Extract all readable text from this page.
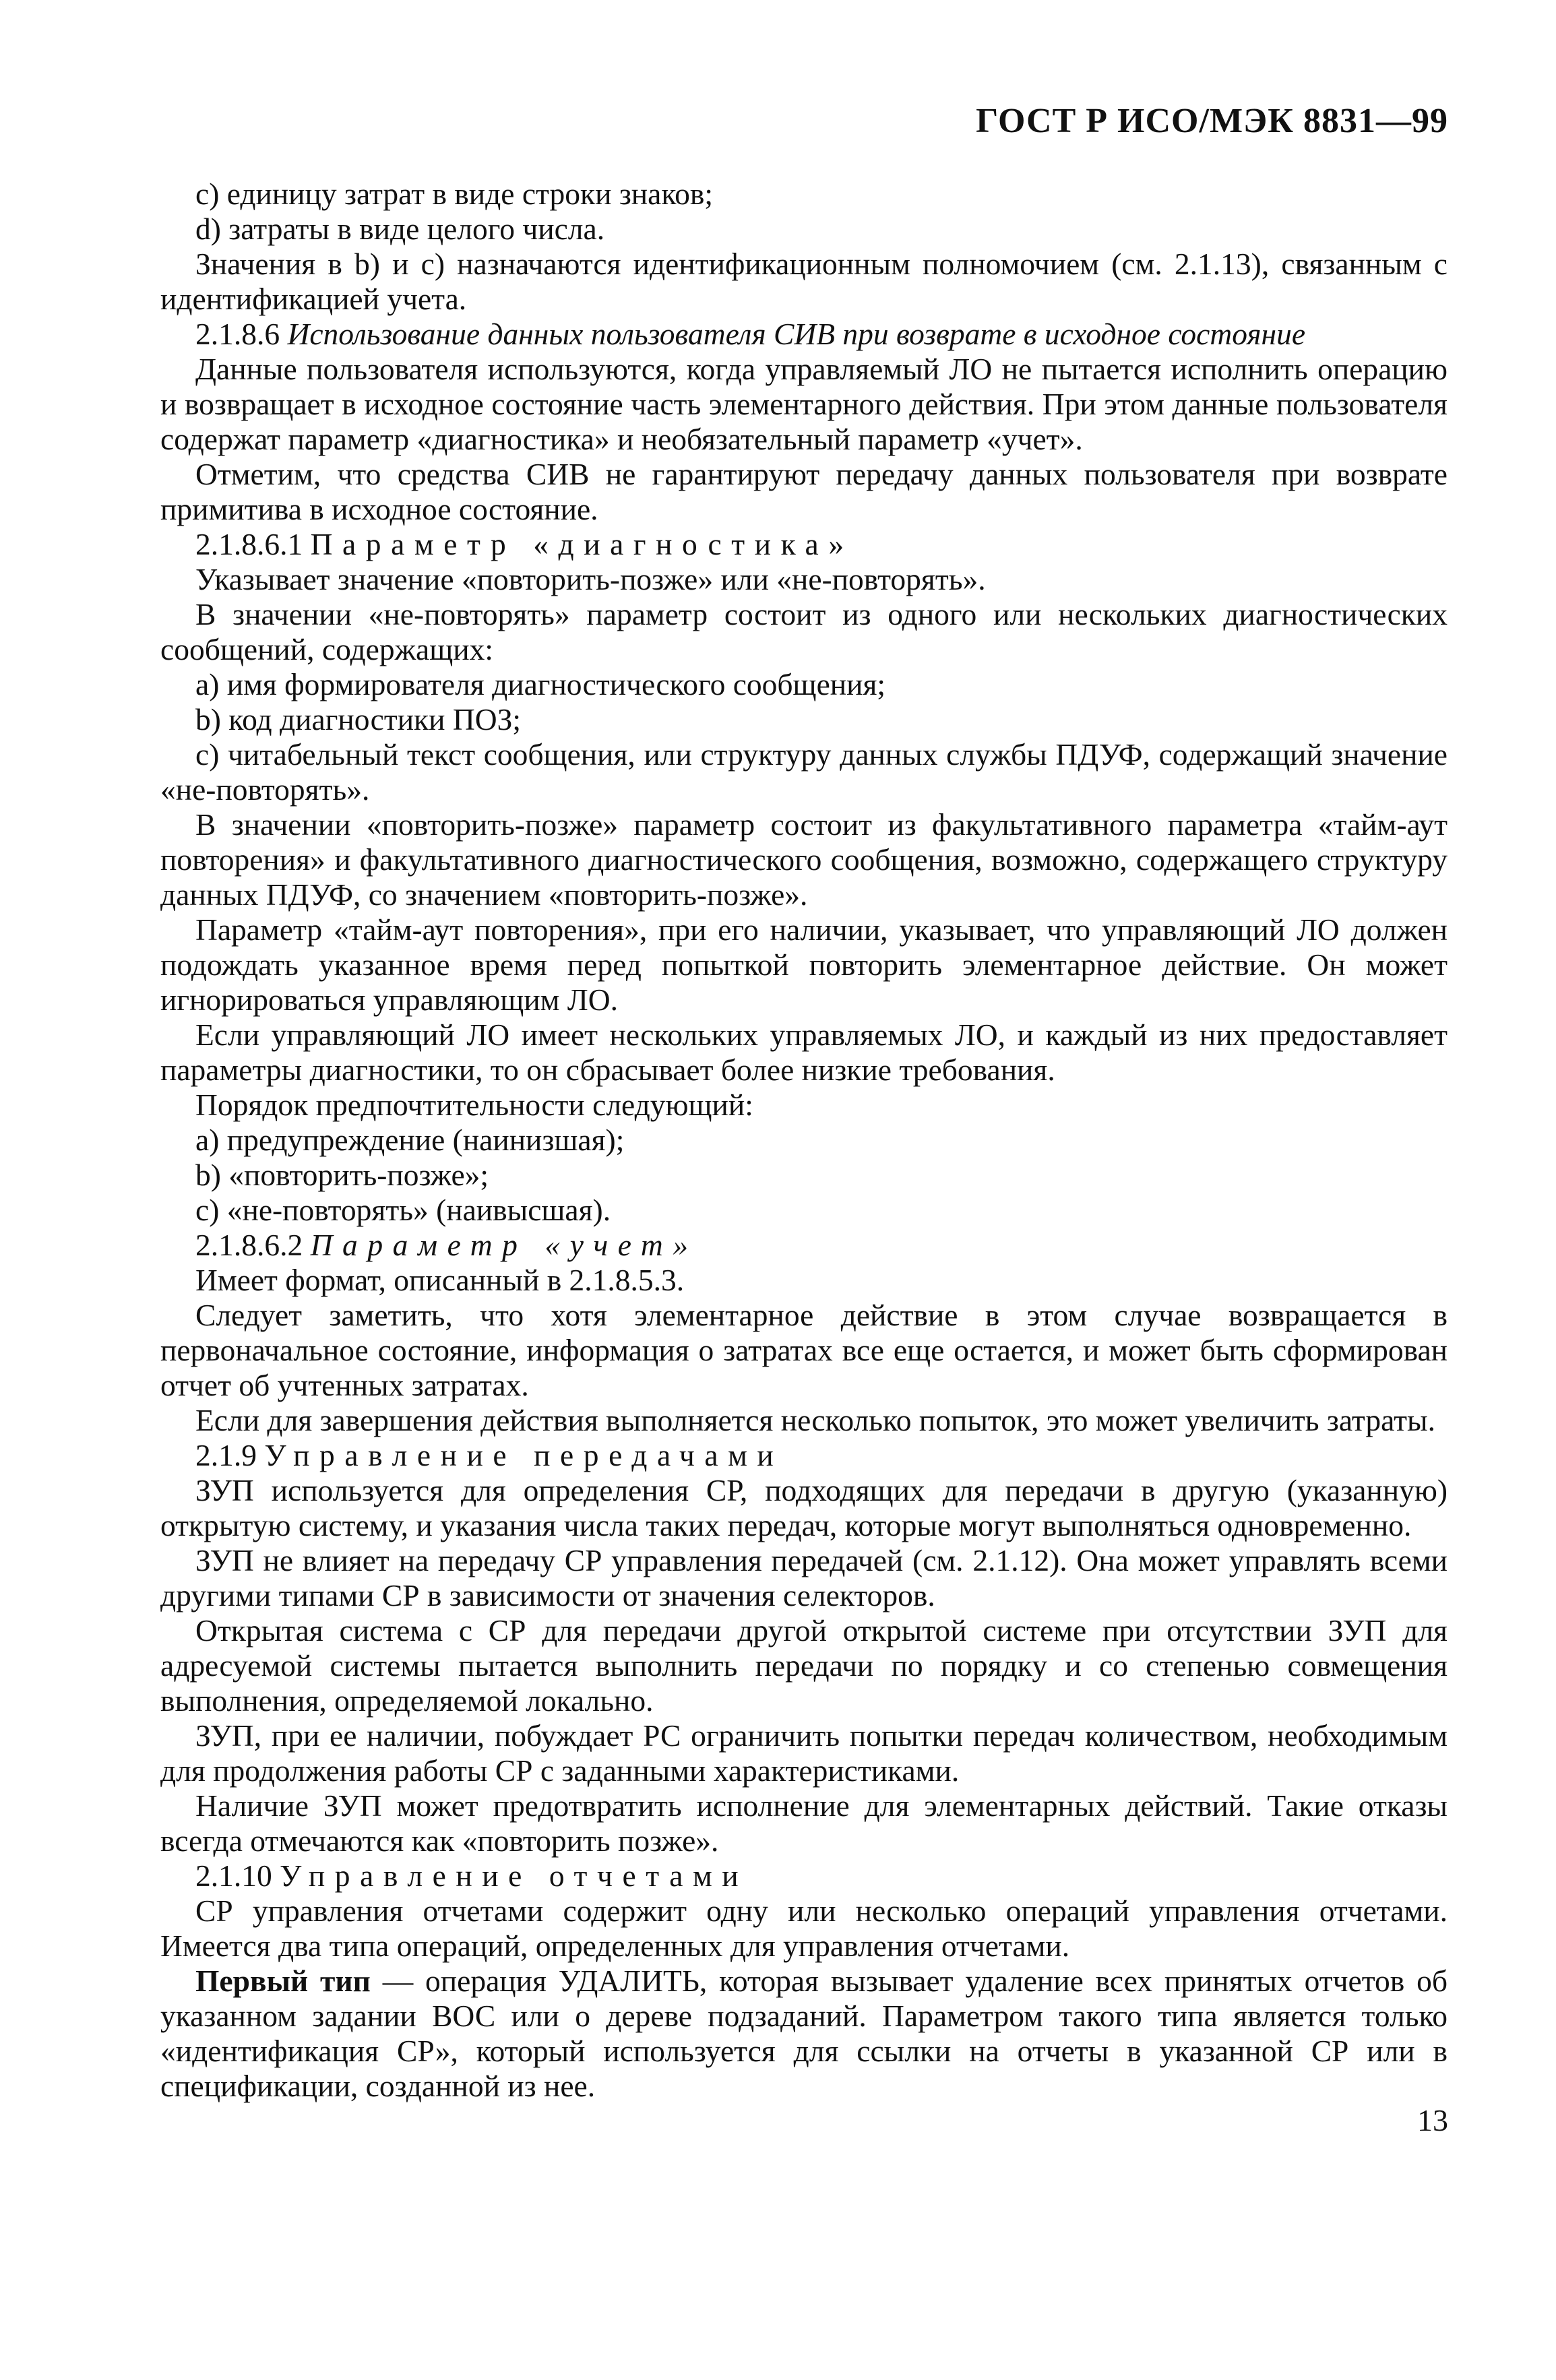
ГОСТ Р ИСО/МЭК 8831—99

c) единицу затрат в виде строки знаков;

d) затраты в виде целого числа.

Значения в b) и с) назначаются идентификационным полномочием (см. 2.1.13), связанным с идентификацией учета.

2.1.8.6 Использование данных пользователя СИВ при возврате в исходное состояние

Данные пользователя используются, когда управляемый ЛО не пытается исполнить операцию и возвращает в исходное состояние часть элементарного действия. При этом данные пользователя содержат параметр «диагностика» и необязательный параметр «учет».

Отметим, что средства СИВ не гарантируют передачу данных пользователя при возврате примитива в исходное состояние.

2.1.8.6.1 Параметр «диагностика»

Указывает значение «повторить-позже» или «не-повторять».

В значении «не-повторять» параметр состоит из одного или нескольких диагностических сообщений, содержащих:

а) имя формирователя диагностического сообщения;

b) код диагностики ПОЗ;

с) читабельный текст сообщения, или структуру данных службы ПДУФ, содержащий значение «не-повторять».

В значении «повторить-позже» параметр состоит из факультативного параметра «тайм-аут повторения» и факультативного диагностического сообщения, возможно, содержащего структуру данных ПДУФ, со значением «повторить-позже».

Параметр «тайм-аут повторения», при его наличии, указывает, что управляющий ЛО должен подождать указанное время перед попыткой повторить элементарное действие. Он может игнорироваться управляющим ЛО.

Если управляющий ЛО имеет нескольких управляемых ЛО, и каждый из них предоставляет параметры диагностики, то он сбрасывает более низкие требования.

Порядок предпочтительности следующий:

а) предупреждение (наинизшая);

b) «повторить-позже»;

с) «не-повторять» (наивысшая).

2.1.8.6.2 Параметр «учет»

Имеет формат, описанный в 2.1.8.5.3.

Следует заметить, что хотя элементарное действие в этом случае возвращается в первоначальное состояние, информация о затратах все еще остается, и может быть сформирован отчет об учтенных затратах.

Если для завершения действия выполняется несколько попыток, это может увеличить затраты.

2.1.9 Управление передачами

ЗУП используется для определения СР, подходящих для передачи в другую (указанную) открытую систему, и указания числа таких передач, которые могут выполняться одновременно.

ЗУП не влияет на передачу СР управления передачей (см. 2.1.12). Она может управлять всеми другими типами СР в зависимости от значения селекторов.

Открытая система с СР для передачи другой открытой системе при отсутствии ЗУП для адресуемой системы пытается выполнить передачи по порядку и со степенью совмещения выполнения, определяемой локально.

ЗУП, при ее наличии, побуждает РС ограничить попытки передач количеством, необходимым для продолжения работы СР с заданными характеристиками.

Наличие ЗУП может предотвратить исполнение для элементарных действий. Такие отказы всегда отмечаются как «повторить позже».

2.1.10 Управление отчетами

СР управления отчетами содержит одну или несколько операций управления отчетами. Имеется два типа операций, определенных для управления отчетами.

Первый тип — операция УДАЛИТЬ, которая вызывает удаление всех принятых отчетов об указанном задании ВОС или о дереве подзаданий. Параметром такого типа является только «идентификация СР», который используется для ссылки на отчеты в указанной СР или в спецификации, созданной из нее.

13
